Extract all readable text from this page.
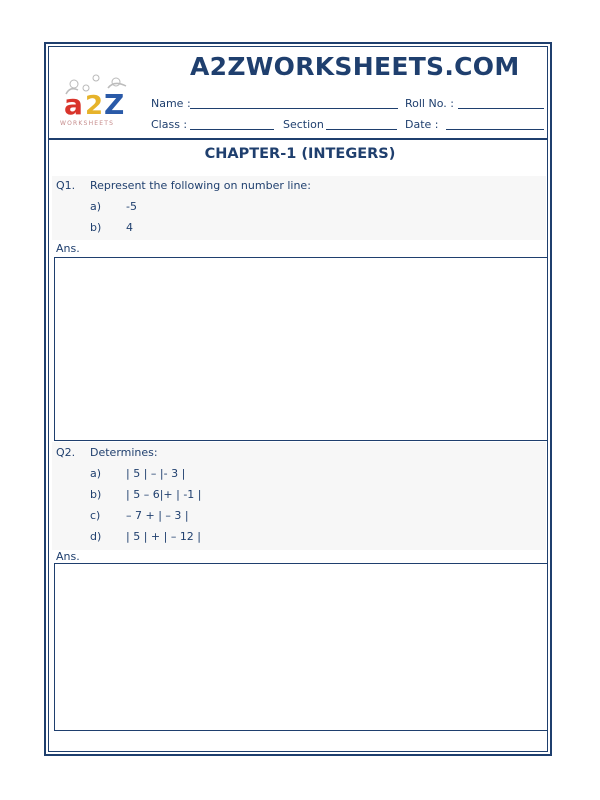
a 2 Z
WORKSHEETS
A2ZWORKSHEETS.COM
Name :	Roll No. :
Class :	Section	Date :
CHAPTER-1 (INTEGERS)
Q1. Represent the following on number line:
a) -5
b) 4
Ans.
Q2. Determines:
a) | 5 | – |- 3 |
b) | 5 – 6|+ | -1 |
c) – 7 + | – 3 |
d) | 5 | + | – 12 |
Ans.
